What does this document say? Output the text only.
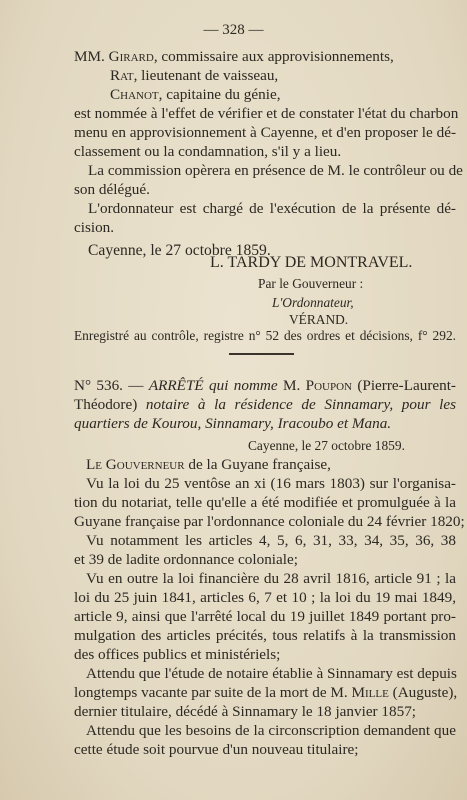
— 328 —
MM. Girard, commissaire aux approvisionnements,
Rat, lieutenant de vaisseau,
Chanot, capitaine du génie,
est nommée à l'effet de vérifier et de constater l'état du charbon
menu en approvisionnement à Cayenne, et d'en proposer le dé-
classement ou la condamnation, s'il y a lieu.
La commission opèrera en présence de M. le contrôleur ou de
son délégué.
L'ordonnateur est chargé de l'exécution de la présente dé-
cision.
Cayenne, le 27 octobre 1859.
L. TARDY DE MONTRAVEL.
Par le Gouverneur :
L'Ordonnateur,
VÉRAND.
Enregistré au contrôle, registre n° 52 des ordres et décisions, f° 292.
N° 536. — ARRÊTÉ qui nomme M. Poupon (Pierre-Laurent-
Théodore) notaire à la résidence de Sinnamary, pour les
quartiers de Kourou, Sinnamary, Iracoubo et Mana.
Cayenne, le 27 octobre 1859.
Le Gouverneur de la Guyane française,
Vu la loi du 25 ventôse an xi (16 mars 1803) sur l'organisa-
tion du notariat, telle qu'elle a été modifiée et promulguée à la
Guyane française par l'ordonnance coloniale du 24 février 1820;
Vu notamment les articles 4, 5, 6, 31, 33, 34, 35, 36, 38
et 39 de ladite ordonnance coloniale;
Vu en outre la loi financière du 28 avril 1816, article 91 ; la
loi du 25 juin 1841, articles 6, 7 et 10 ; la loi du 19 mai 1849,
article 9, ainsi que l'arrêté local du 19 juillet 1849 portant pro-
mulgation des articles précités, tous relatifs à la transmission
des offices publics et ministériels;
Attendu que l'étude de notaire établie à Sinnamary est depuis
longtemps vacante par suite de la mort de M. Mille (Auguste),
dernier titulaire, décédé à Sinnamary le 18 janvier 1857;
Attendu que les besoins de la circonscription demandent que
cette étude soit pourvue d'un nouveau titulaire;
